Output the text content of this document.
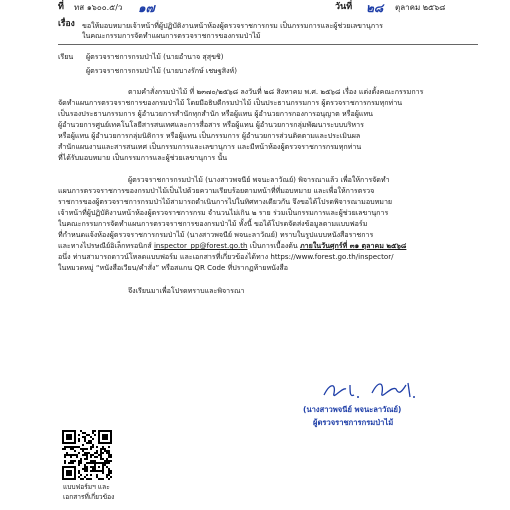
ที่ ทส ๑๖๐๐.๕/ว ๑๗	วันที่ ๒๘ ตุลาคม ๒๕๖๘
เรื่อง ขอให้มอบหมายเจ้าหน้าที่ผู้ปฏิบัติงานหน้าห้องผู้ตรวจราชการกรม เป็นกรรมการและผู้ช่วยเลขานุการ
ในคณะกรรมการจัดทำแผนการตรวจราชการของกรมป่าไม้
เรียน ผู้ตรวจราชการกรมป่าไม้ (นายอำนาจ สุสุขชิ)
ผู้ตรวจราชการกรมป่าไม้ (นายบางรักษ์ เชษฐสิงห์)
ตามคำสั่งกรมป่าไม้ ที่ ๒๓๗๐/๒๕๖๘ ลงวันที่ ๒๘ สิงหาคม พ.ศ. ๒๕๖๘ เรื่อง แต่งตั้งคณะกรรมการ
จัดทำแผนการตรวจราชการของกรมป่าไม้ โดยมีอธิบดีกรมป่าไม้ เป็นประธานกรรมการ ผู้ตรวจราชการกรมทุกท่าน
เป็นรองประธานกรรมการ ผู้อำนวยการสำนักทุกสำนัก หรือผู้แทน ผู้อำนวยการกองการอนุญาต หรือผู้แทน
ผู้อำนวยการศูนย์เทคโนโลยีสารสนเทศและการสื่อสาร หรือผู้แทน ผู้อำนวยการกลุ่มพัฒนาระบบบริหาร
หรือผู้แทน ผู้อำนวยการกลุ่มนิติการ หรือผู้แทน เป็นกรรมการ ผู้อำนวยการส่วนติดตามและประเมินผล
สำนักแผนงานและสารสนเทศ เป็นกรรมการและเลขานุการ และมีหน้าห้องผู้ตรวจราชการกรมทุกท่าน
ที่ได้รับมอบหมาย เป็นกรรมการและผู้ช่วยเลขานุการ นั้น
ผู้ตรวจราชการกรมป่าไม้ (นางสาวพจนีย์ พจนะลาวัณย์) พิจารณาแล้ว เพื่อให้การจัดทำ
แผนการตรวจราชการของกรมป่าไม้เป็นไปด้วยความเรียบร้อยตามหน้าที่ที่มอบหมาย และเพื่อให้การตรวจ
ราชการของผู้ตรวจราชการกรมป่าไม้สามารถดำเนินการไปในทิศทางเดียวกัน จึงขอได้โปรดพิจารณามอบหมาย
เจ้าหน้าที่ผู้ปฏิบัติงานหน้าห้องผู้ตรวจราชการกรม จำนวนไม่เกิน ๒ ราย ร่วมเป็นกรรมการและผู้ช่วยเลขานุการ
ในคณะกรรมการจัดทำแผนการตรวจราชการของกรมป่าไม้ ทั้งนี้ ขอได้โปรดจัดส่งข้อมูลตามแบบฟอร์ม
ที่กำหนดแจ้งห้องผู้ตรวจราชการกรมป่าไม้ (นางสาวพจนีย์ พจนะลาวัณย์) ทราบในรูปแบบหนังสือราชการ
และทางไปรษณีย์อิเล็กทรอนิกส์ inspector_pp@forest.go.th เป็นการเบื้องต้น ภายในวันศุกร์ที่ ๓๑ ตุลาคม ๒๕๖๘
อนึ่ง ท่านสามารถดาวน์โหลดแบบฟอร์ม และเอกสารที่เกี่ยวข้องได้ทาง https://www.forest.go.th/inspector/
ในหมวดหมู่ “หนังสือเวียน/คำสั่ง” หรือสแกน QR Code ที่ปรากฏท้ายหนังสือ
จึงเรียนมาเพื่อโปรดทราบและพิจารณา
(นางสาวพจนีย์ พจนะลาวัณย์)
ผู้ตรวจราชการกรมป่าไม้
แบบฟอร์มฯ และ
เอกสารที่เกี่ยวข้อง
